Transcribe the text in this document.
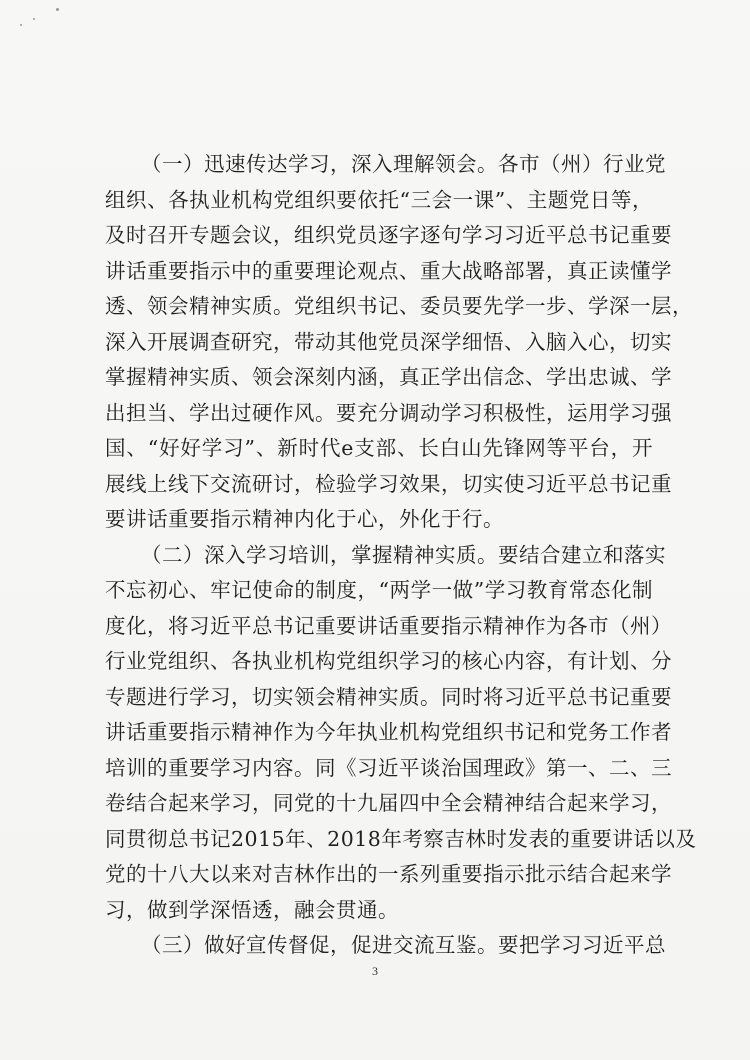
（一）迅速传达学习，深入理解领会。各市（州）行业党
组织、各执业机构党组织要依托“三会一课”、主题党日等，
及时召开专题会议，组织党员逐字逐句学习习近平总书记重要
讲话重要指示中的重要理论观点、重大战略部署，真正读懂学
透、领会精神实质。党组织书记、委员要先学一步、学深一层，
深入开展调查研究，带动其他党员深学细悟、入脑入心，切实
掌握精神实质、领会深刻内涵，真正学出信念、学出忠诚、学
出担当、学出过硬作风。要充分调动学习积极性，运用学习强
国、“好好学习”、新时代e支部、长白山先锋网等平台，开
展线上线下交流研讨，检验学习效果，切实使习近平总书记重
要讲话重要指示精神内化于心，外化于行。
（二）深入学习培训，掌握精神实质。要结合建立和落实
不忘初心、牢记使命的制度，“两学一做”学习教育常态化制
度化，将习近平总书记重要讲话重要指示精神作为各市（州）
行业党组织、各执业机构党组织学习的核心内容，有计划、分
专题进行学习，切实领会精神实质。同时将习近平总书记重要
讲话重要指示精神作为今年执业机构党组织书记和党务工作者
培训的重要学习内容。同《习近平谈治国理政》第一、二、三
卷结合起来学习，同党的十九届四中全会精神结合起来学习，
同贯彻总书记2015年、2018年考察吉林时发表的重要讲话以及
党的十八大以来对吉林作出的一系列重要指示批示结合起来学
习，做到学深悟透，融会贯通。
（三）做好宣传督促，促进交流互鉴。要把学习习近平总
3
